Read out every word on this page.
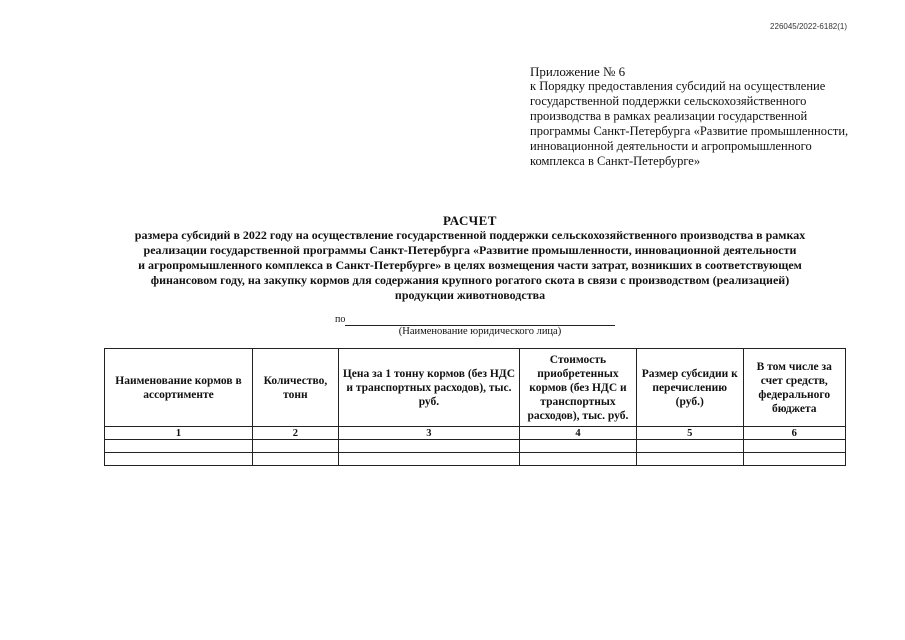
226045/2022-6182(1)
Приложение № 6
к Порядку предоставления субсидий на осуществление
государственной поддержки сельскохозяйственного
производства в рамках реализации государственной
программы Санкт-Петербурга «Развитие промышленности,
инновационной деятельности и агропромышленного
комплекса в Санкт-Петербурге»
РАСЧЕТ
размера субсидий в 2022 году на осуществление государственной поддержки сельскохозяйственного производства в рамках
реализации государственной программы Санкт-Петербурга «Развитие промышленности, инновационной деятельности
и агропромышленного комплекса в Санкт-Петербурге» в целях возмещения части затрат, возникших в соответствующем
финансовом году, на закупку кормов для содержания крупного рогатого скота в связи с производством (реализацией)
продукции животноводства
по
(Наименование юридического лица)
Наименование кормов в ассортименте	Количество, тонн	Цена за 1 тонну кормов (без НДС и транспортных расходов), тыс. руб.	Стоимость приобретенных кормов (без НДС и транспортных расходов), тыс. руб.	Размер субсидии к перечислению (руб.)	В том числе за счет средств, федерального бюджета
1	2	3	4	5	6
